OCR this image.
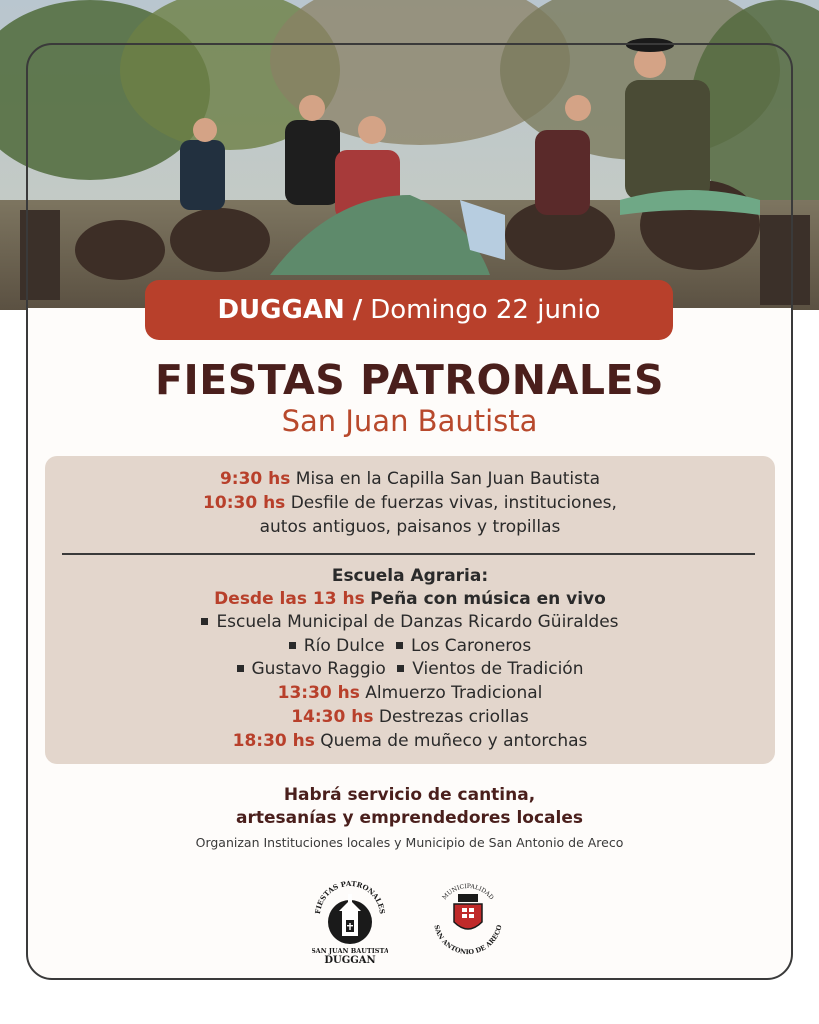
DUGGAN / Domingo 22 junio
FIESTAS PATRONALES
San Juan Bautista
9:30 hs Misa en la Capilla San Juan Bautista
10:30 hs Desfile de fuerzas vivas, instituciones,
autos antiguos, paisanos y tropillas
Escuela Agraria:
Desde las 13 hs Peña con música en vivo
Escuela Municipal de Danzas Ricardo Güiraldes
Río Dulce Los Caroneros
Gustavo Raggio Vientos de Tradición
13:30 hs Almuerzo Tradicional
14:30 hs Destrezas criollas
18:30 hs Quema de muñeco y antorchas
Habrá servicio de cantina,
artesanías y emprendedores locales
Organizan Instituciones locales y Municipio de San Antonio de Areco
FIESTAS PATRONALES
SAN JUAN BAUTISTA
DUGGAN
MUNICIPALIDAD
SAN ANTONIO DE ARECO
